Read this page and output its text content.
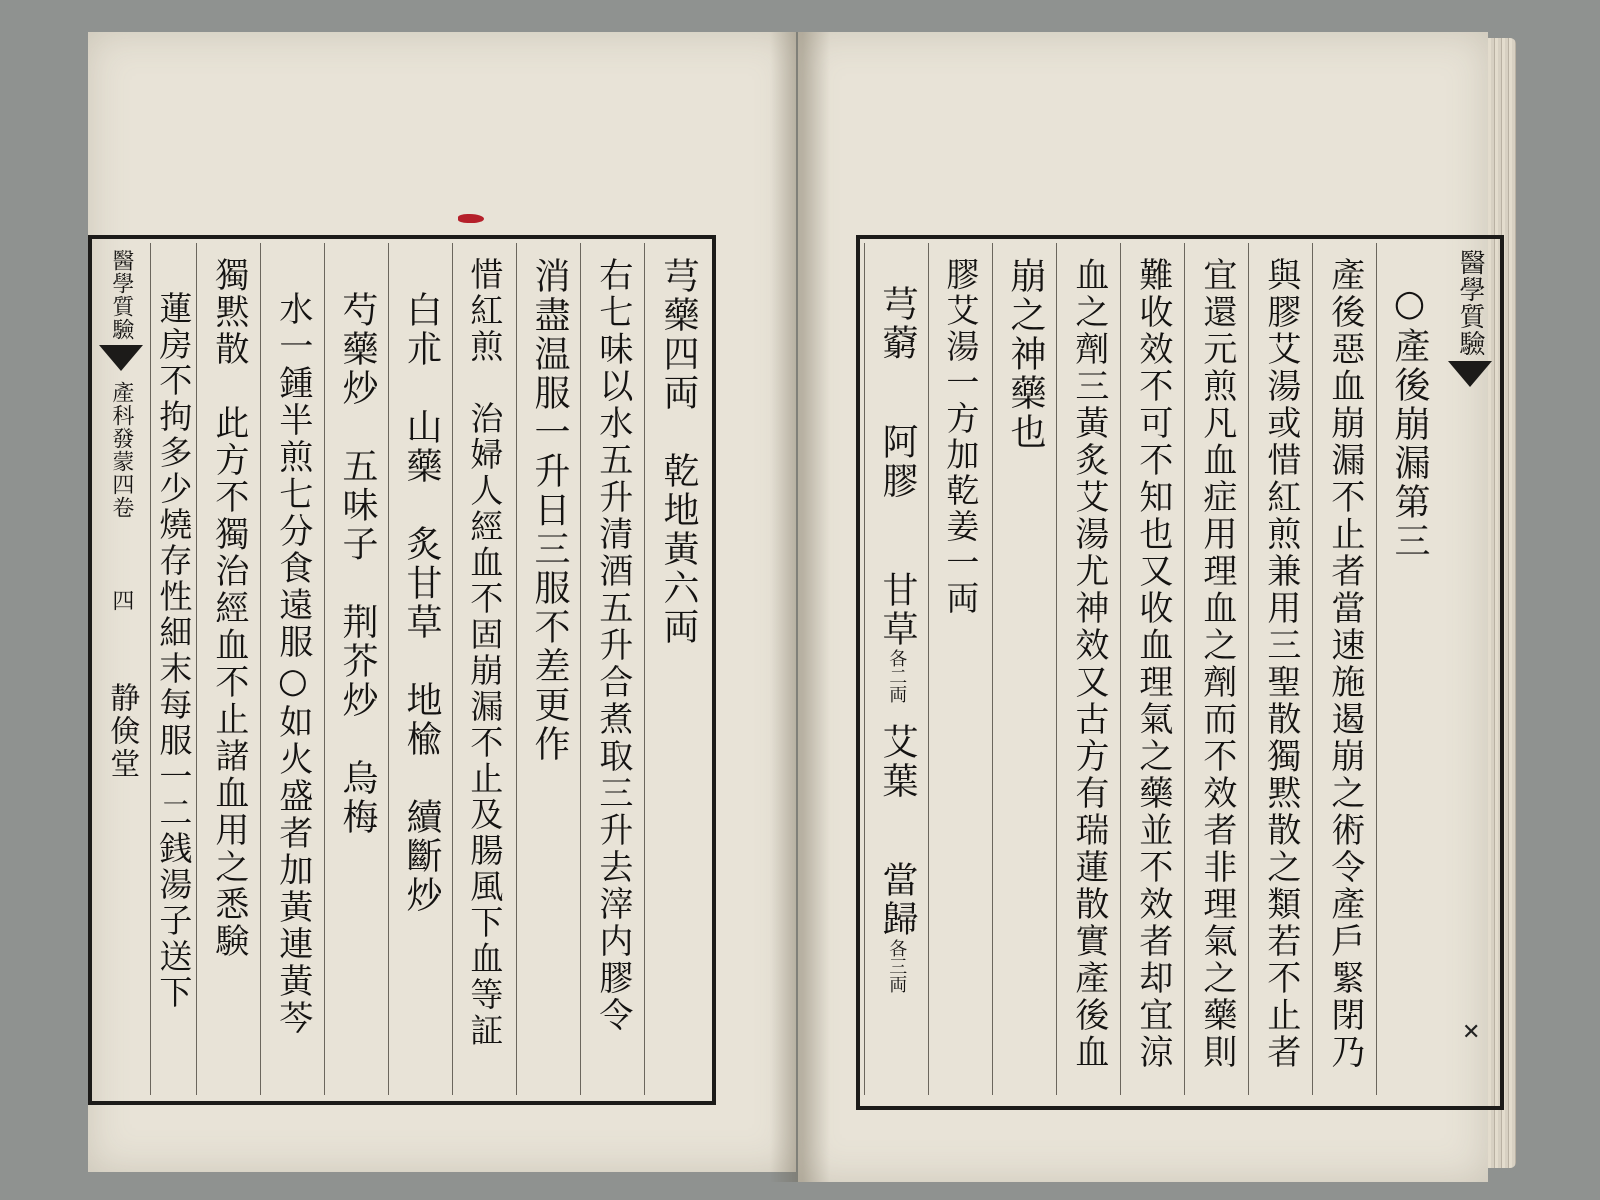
醫學質驗
產科發蒙四卷
四
静倹堂
芎藥四両　乾地黃六両
右七味以水五升清酒五升合煮取三升去滓内膠令
消盡温服一升日三服不差更作
惜紅煎　治婦人經血不固崩漏不止及腸風下血等証
白朮　山藥　炙甘草　地楡　續斷炒
芍藥炒　五味子　荆芥炒　烏梅
水一鍾半煎七分食遠服○如火盛者加黃連黃芩
獨黙散　此方不獨治經血不止諸血用之悉験
蓮房不拘多少燒存性細末每服一二銭湯子送下	醫學質驗
○產後崩漏第三
產後惡血崩漏不止者當速施遏崩之術令產戶緊閉乃
與膠艾湯或惜紅煎兼用三聖散獨黙散之類若不止者
宜還元煎凡血症用理血之劑而不效者非理氣之藥則
難收效不可不知也又收血理氣之藥並不效者却宜涼
血之劑三黃炙艾湯尤神效又古方有瑞蓮散實產後血
崩之神藥也
膠艾湯一方加乾姜一両
芎藭
阿膠
甘草
各二両
艾葉
當歸
各三両
✕
